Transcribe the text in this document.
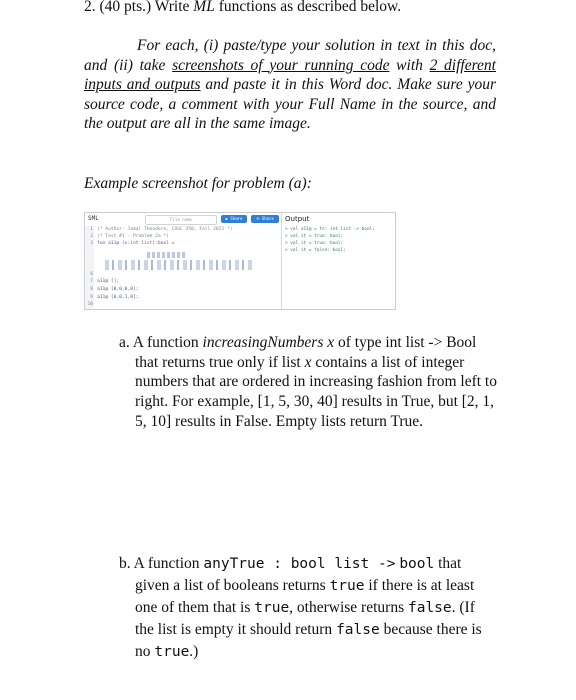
2. (40 pts.) Write ML functions as described below.
For each, (i) paste/type your solution in text in this doc, and (ii) take screenshots of your running code with 2 different inputs and outputs and paste it in this Word doc. Make sure your source code, a comment with your Full Name in the source, and the output are all in the same image.
Example screenshot for problem (a):
SML	File name	▶ Share	⟲ Share
1 (* Author: Jamal Theodore, COSC 350, Fall 2021 *)
2 (* Test #1 - Problem 2a *)
3 fun a11@ (x:int list):bool =
6
7 a11@ [];
8 a11@ [0,0,0,0];
9 a11@ [0,0,1,0];
10
Output
> val a11@ = fn: int list -> bool;
> val it = true: bool;
> val it = true: bool;
> val it = false: bool;
a. A function increasingNumbers x of type int list -> Bool that returns true only if list x contains a list of integer numbers that are ordered in increasing fashion from left to right. For example, [1, 5, 30, 40] results in True, but [2, 1, 5, 10] results in False. Empty lists return True.
b. A function anyTrue : bool list -> bool that given a list of booleans returns true if there is at least one of them that is true, otherwise returns false. (If the list is empty it should return false because there is no true.)
